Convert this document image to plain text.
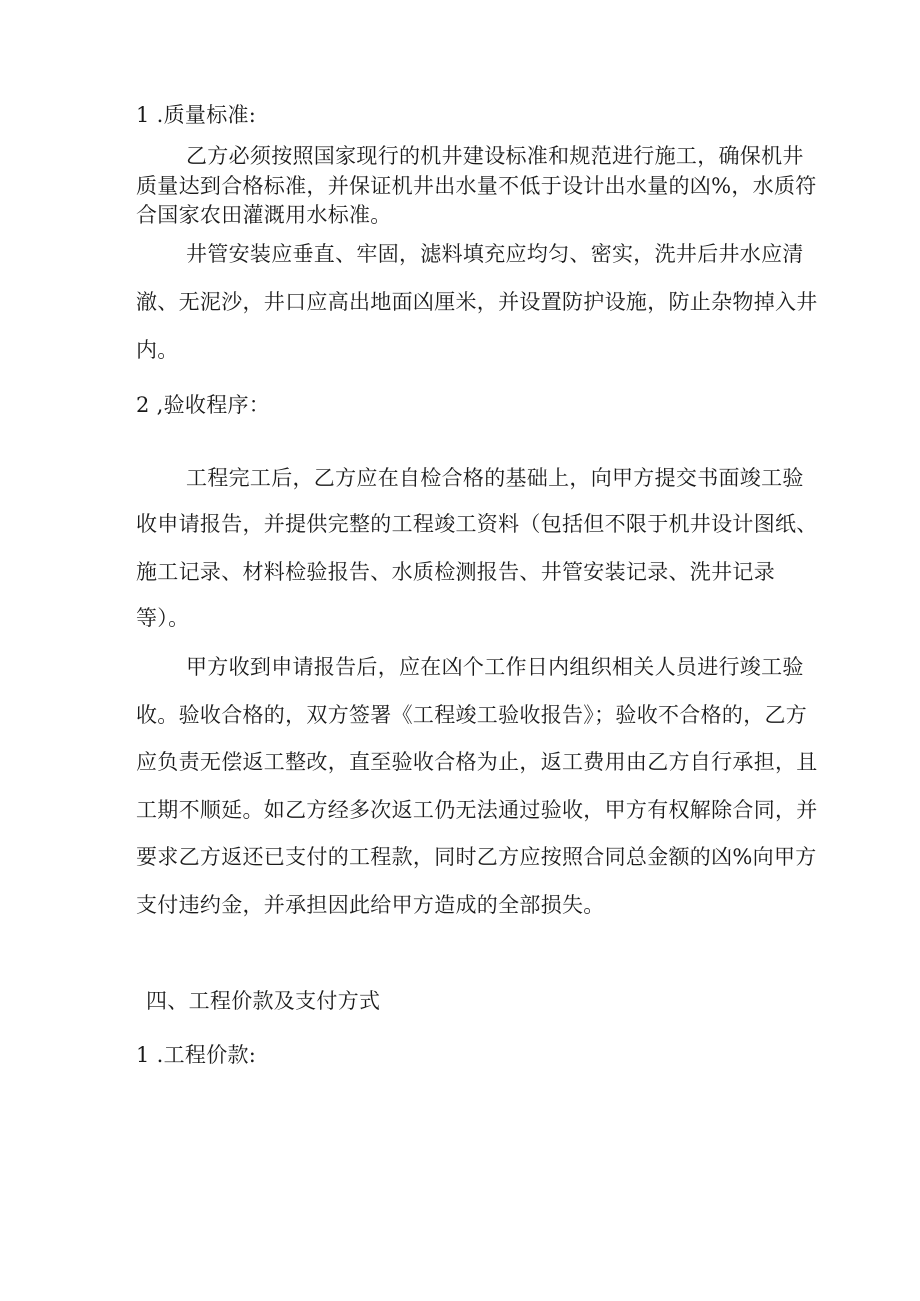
1 .质量标准:
乙方必须按照国家现行的机井建设标准和规范进行施工，确保机井
质量达到合格标准，并保证机井出水量不低于设计出水量的凶%，水质符
合国家农田灌溉用水标准。
井管安装应垂直、牢固，滤料填充应均匀、密实，洗井后井水应清
澈、无泥沙，井口应高出地面凶厘米，并设置防护设施，防止杂物掉入井
内。
2 ,验收程序：
工程完工后，乙方应在自检合格的基础上，向甲方提交书面竣工验
收申请报告，并提供完整的工程竣工资料（包括但不限于机井设计图纸、
施工记录、材料检验报告、水质检测报告、井管安装记录、洗井记录
等）。
甲方收到申请报告后，应在凶个工作日内组织相关人员进行竣工验
收。验收合格的，双方签署《工程竣工验收报告》；验收不合格的，乙方
应负责无偿返工整改，直至验收合格为止，返工费用由乙方自行承担，且
工期不顺延。如乙方经多次返工仍无法通过验收，甲方有权解除合同，并
要求乙方返还已支付的工程款，同时乙方应按照合同总金额的凶%向甲方
支付违约金，并承担因此给甲方造成的全部损失。
四、工程价款及支付方式
1 .工程价款:
